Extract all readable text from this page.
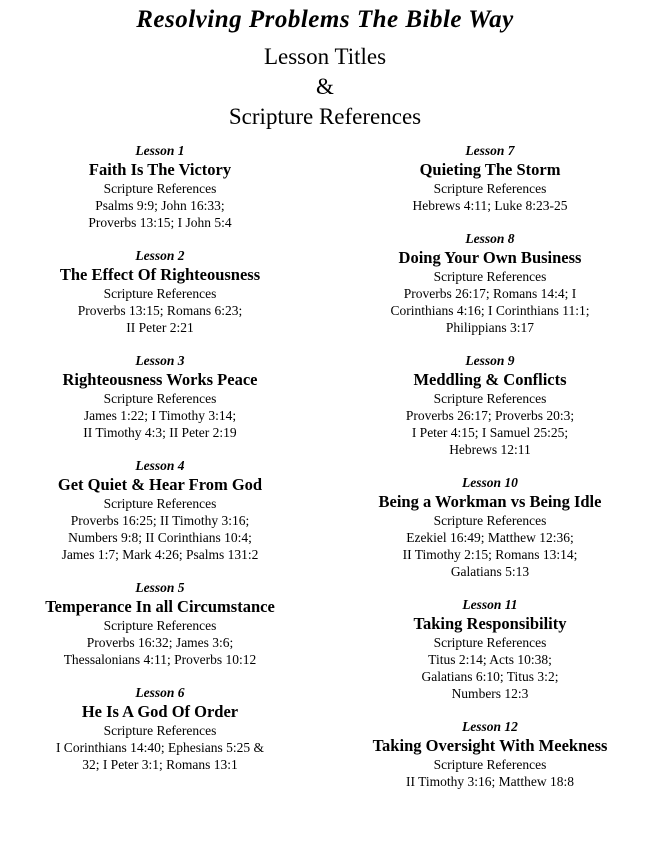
Resolving Problems The Bible Way
Lesson Titles
&
Scripture References
Lesson 1
Faith Is The Victory
Scripture References
Psalms 9:9; John 16:33;
Proverbs 13:15; I John 5:4
Lesson 2
The Effect Of Righteousness
Scripture References
Proverbs 13:15; Romans 6:23;
II Peter 2:21
Lesson 3
Righteousness Works Peace
Scripture References
James 1:22; I Timothy 3:14;
II Timothy 4:3; II Peter 2:19
Lesson 4
Get Quiet & Hear From God
Scripture References
Proverbs 16:25; II Timothy 3:16;
Numbers 9:8; II Corinthians 10:4;
James 1:7; Mark 4:26; Psalms 131:2
Lesson 5
Temperance In all Circumstance
Scripture References
Proverbs 16:32; James 3:6;
Thessalonians 4:11; Proverbs 10:12
Lesson 6
He Is A God Of Order
Scripture References
I Corinthians 14:40; Ephesians 5:25 &
32; I Peter 3:1; Romans 13:1
Lesson 7
Quieting The Storm
Scripture References
Hebrews 4:11; Luke 8:23-25
Lesson 8
Doing Your Own Business
Scripture References
Proverbs 26:17; Romans 14:4; I
Corinthians 4:16; I Corinthians 11:1;
Philippians 3:17
Lesson 9
Meddling & Conflicts
Scripture References
Proverbs 26:17; Proverbs 20:3;
I Peter 4:15; I Samuel 25:25;
Hebrews 12:11
Lesson 10
Being a Workman vs Being Idle
Scripture References
Ezekiel 16:49; Matthew 12:36;
II Timothy 2:15; Romans 13:14;
Galatians 5:13
Lesson 11
Taking Responsibility
Scripture References
Titus 2:14; Acts 10:38;
Galatians 6:10; Titus 3:2;
Numbers 12:3
Lesson 12
Taking Oversight With Meekness
Scripture References
II Timothy 3:16; Matthew 18:8
